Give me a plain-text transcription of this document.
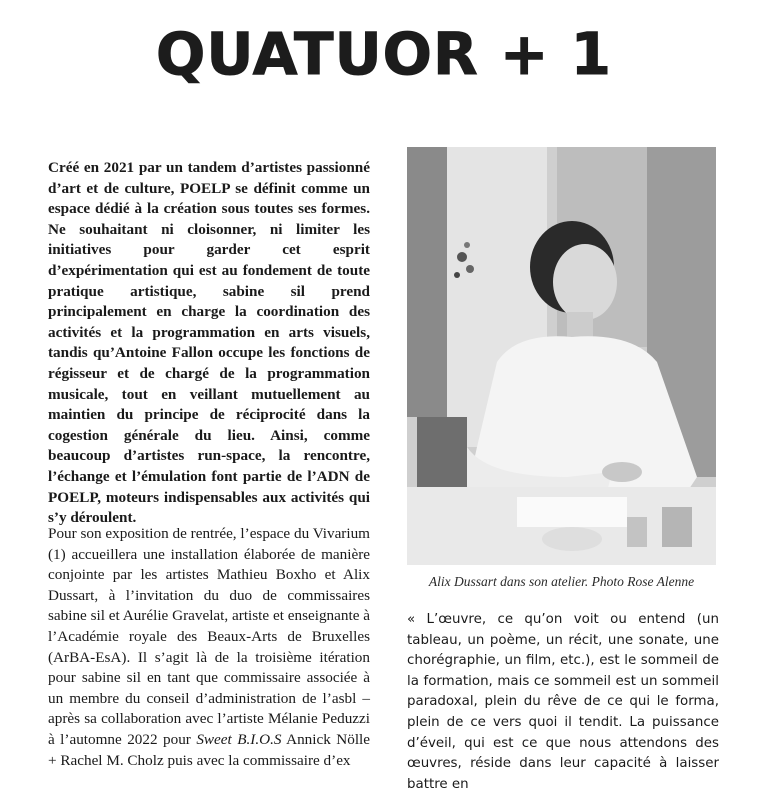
QUATUOR + 1
Créé en 2021 par un tandem d’artistes passionné d’art et de culture, POELP se définit comme un espace dédié à la création sous toutes ses formes. Ne souhaitant ni cloisonner, ni limiter les initiatives pour garder cet esprit d’expérimentation qui est au fondement de toute pratique artistique, sabine sil prend principalement en charge la coordination des activités et la programmation en arts visuels, tandis qu’Antoine Fallon occupe les fonctions de régisseur et de chargé de la programmation musicale, tout en veillant mutuellement au maintien du principe de réciprocité dans la cogestion générale du lieu. Ainsi, comme beaucoup d’artistes run-space, la rencontre, l’échange et l’émulation font partie de l’ADN de POELP, moteurs indispensables aux activités qui s’y déroulent.
Pour son exposition de rentrée, l’espace du Vivarium (1) accueillera une installation élaborée de manière conjointe par les artistes Mathieu Boxho et Alix Dussart, à l’invitation du duo de commissaires sabine sil et Aurélie Gravelat, artiste et enseignante à l’Académie royale des Beaux-Arts de Bruxelles (ArBA-EsA). Il s’agit là de la troisième itération pour sabine sil en tant que commissaire associée à un membre du conseil d’administration de l’asbl – après sa collaboration avec l’artiste Mélanie Peduzzi à l’automne 2022 pour Sweet B.I.O.S Annick Nölle + Rachel M. Cholz puis avec la commissaire d’ex
Alix Dussart dans son atelier. Photo Rose Alenne
« L’œuvre, ce qu’on voit ou entend (un tableau, un poème, un récit, une sonate, une chorégraphie, un film, etc.), est le sommeil de la formation, mais ce sommeil est un sommeil paradoxal, plein du rêve de ce qui le forma, plein de ce vers quoi il tendit. La puissance d’éveil, qui est ce que nous attendons des œuvres, réside dans leur capacité à laisser battre en
